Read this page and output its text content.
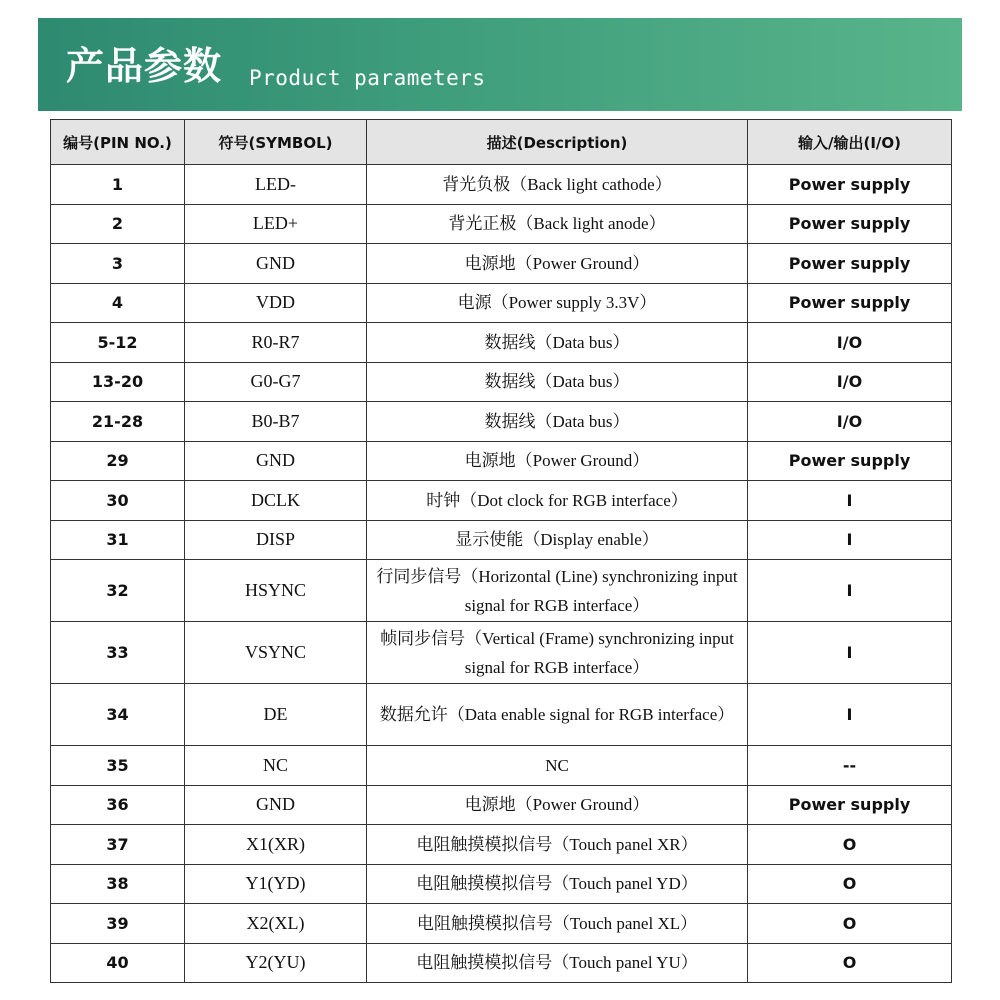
产品参数 Product parameters
编号(PIN NO.)	符号(SYMBOL)	描述(Description)	输入/输出(I/O)
1	LED-	背光负极（Back light cathode）	Power supply
2	LED+	背光正极（Back light anode）	Power supply
3	GND	电源地（Power Ground）	Power supply
4	VDD	电源（Power supply 3.3V）	Power supply
5-12	R0-R7	数据线（Data bus）	I/O
13-20	G0-G7	数据线（Data bus）	I/O
21-28	B0-B7	数据线（Data bus）	I/O
29	GND	电源地（Power Ground）	Power supply
30	DCLK	时钟（Dot clock for RGB interface）	I
31	DISP	显示使能（Display enable）	I
32	HSYNC	行同步信号（Horizontal (Line) synchronizing input signal for RGB interface）	I
33	VSYNC	帧同步信号（Vertical (Frame) synchronizing input signal for RGB interface）	I
34	DE	数据允许（Data enable signal for RGB interface）	I
35	NC	NC	--
36	GND	电源地（Power Ground）	Power supply
37	X1(XR)	电阻触摸模拟信号（Touch panel XR）	O
38	Y1(YD)	电阻触摸模拟信号（Touch panel YD）	O
39	X2(XL)	电阻触摸模拟信号（Touch panel XL）	O
40	Y2(YU)	电阻触摸模拟信号（Touch panel YU）	O
